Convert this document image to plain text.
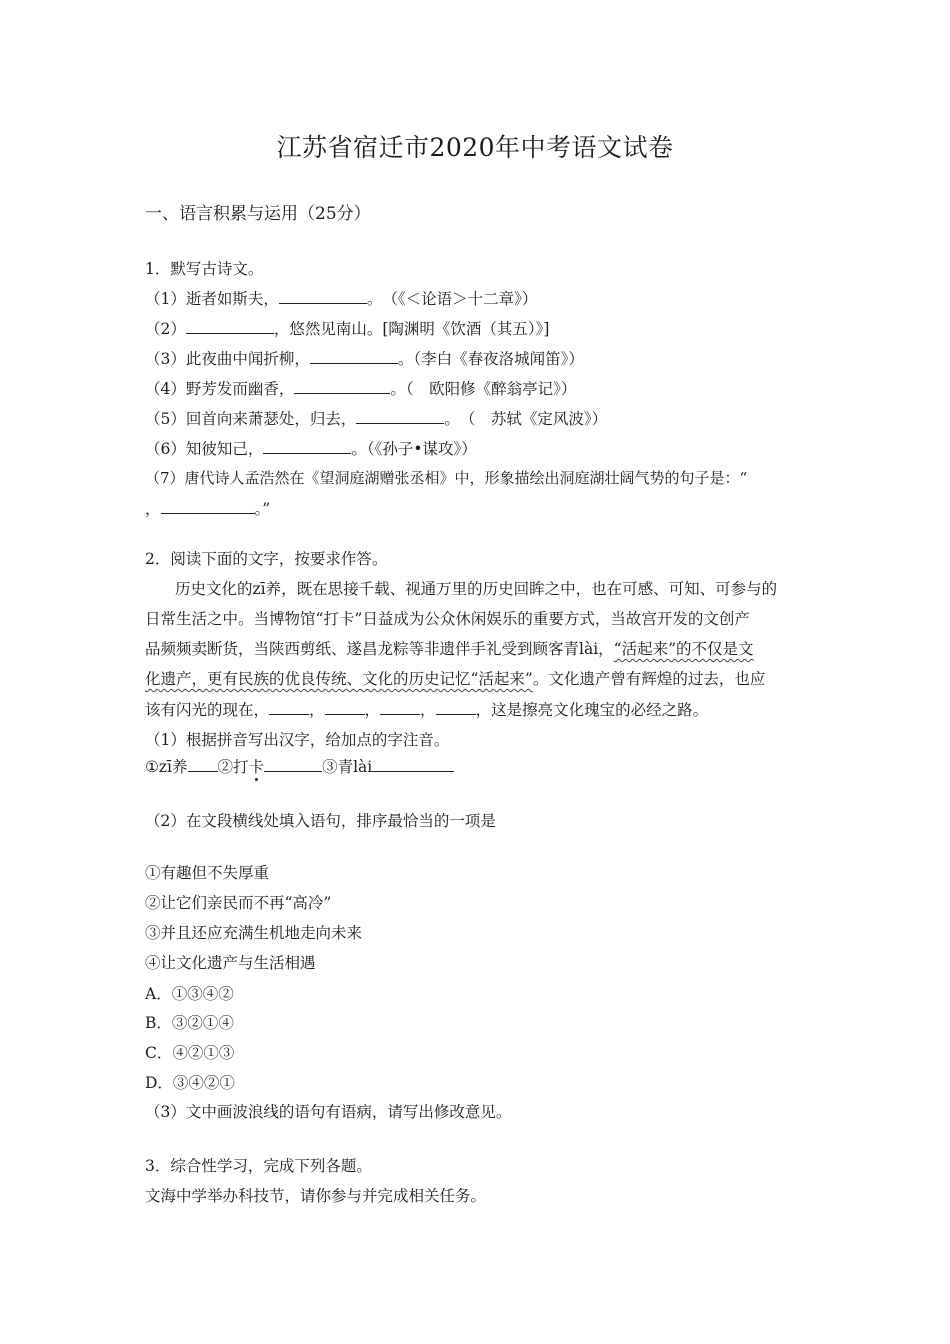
江苏省宿迁市2020年中考语文试卷
一、语言积累与运用（25分）
1．默写古诗文。
（1）逝者如斯夫，	。　（《＜论语＞十二章》）
（2）	，悠然见南山。[陶渊明《饮酒（其五）》]
（3）此夜曲中闻折柳，	。（李白《春夜洛城闻笛》）
（4）野芳发而幽香，	。（　欧阳修《醉翁亭记》）
（5）回首向来萧瑟处，归去，	。　（　苏轼《定风波》）
（6）知彼知己，	。（《孙子•谋攻》）
（7）唐代诗人孟浩然在《望洞庭湖赠张丞相》中，形象描绘出洞庭湖壮阔气势的句子是：“
，	。”
2．阅读下面的文字，按要求作答。
历史文化的zī养，既在思接千载、视通万里的历史回眸之中，也在可感、可知、可参与的
日常生活之中。当博物馆“打卡”日益成为公众休闲娱乐的重要方式，当故宫开发的文创产
品频频卖断货，当陕西剪纸、遂昌龙粽等非遗伴手礼受到顾客青lài，“活起来”的不仅是文
化遗产，更有民族的优良传统、文化的历史记忆“活起来”。文化遗产曾有辉煌的过去，也应
该有闪光的现在，	，	，	，	，这是擦亮文化瑰宝的必经之路。
（1）根据拼音写出汉字，给加点的字注音。
①zī养 ②打卡	③青lài
（2）在文段横线处填入语句，排序最恰当的一项是
①有趣但不失厚重
②让它们亲民而不再“高冷”
③并且还应充满生机地走向未来
④让文化遗产与生活相遇
A．①③④②
B．③②①④
C．④②①③
D．③④②①
（3）文中画波浪线的语句有语病，请写出修改意见。
3．综合性学习，完成下列各题。
文海中学举办科技节，请你参与并完成相关任务。
